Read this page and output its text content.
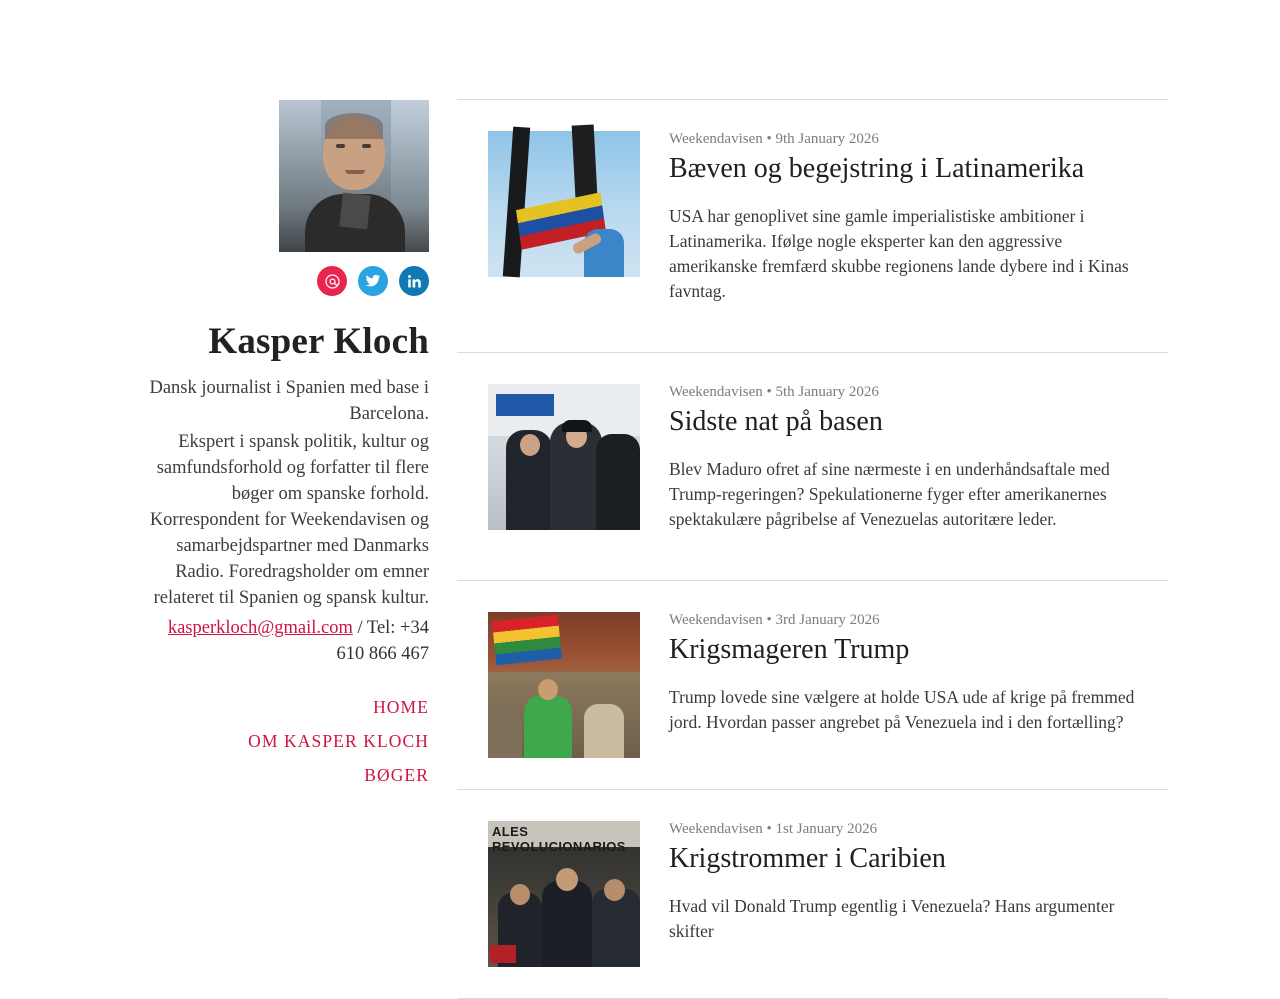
Kasper Kloch

Dansk journalist i Spanien med base i Barcelona.

Ekspert i spansk politik, kultur og samfundsforhold og forfatter til flere bøger om spanske forhold. Korrespondent for Weekendavisen og samarbejdspartner med Danmarks Radio. Foredragsholder om emner relateret til Spanien og spansk kultur.

kasperkloch@gmail.com / Tel: +34 610 866 467
HOME
OM KASPER KLOCH
BØGER
Weekendavisen • 9th January 2026
Bæven og begejstring i Latinamerika

USA har genoplivet sine gamle imperialistiske ambitioner i Latinamerika. Ifølge nogle eksperter kan den aggressive amerikanske fremfærd skubbe regionens lande dybere ind i Kinas favntag.

Weekendavisen • 5th January 2026
Sidste nat på basen

Blev Maduro ofret af sine nærmeste i en underhåndsaftale med Trump-regeringen? Spekulationerne fyger efter amerikanernes spektakulære pågribelse af Venezuelas autoritære leder.

Weekendavisen • 3rd January 2026
Krigsmageren Trump

Trump lovede sine vælgere at holde USA ude af krige på fremmed jord. Hvordan passer angrebet på Venezuela ind i den fortælling?

ALES REVOLUCIONARIOS
Weekendavisen • 1st January 2026
Krigstrommer i Caribien

Hvad vil Donald Trump egentlig i Venezuela? Hans argumenter skifter
